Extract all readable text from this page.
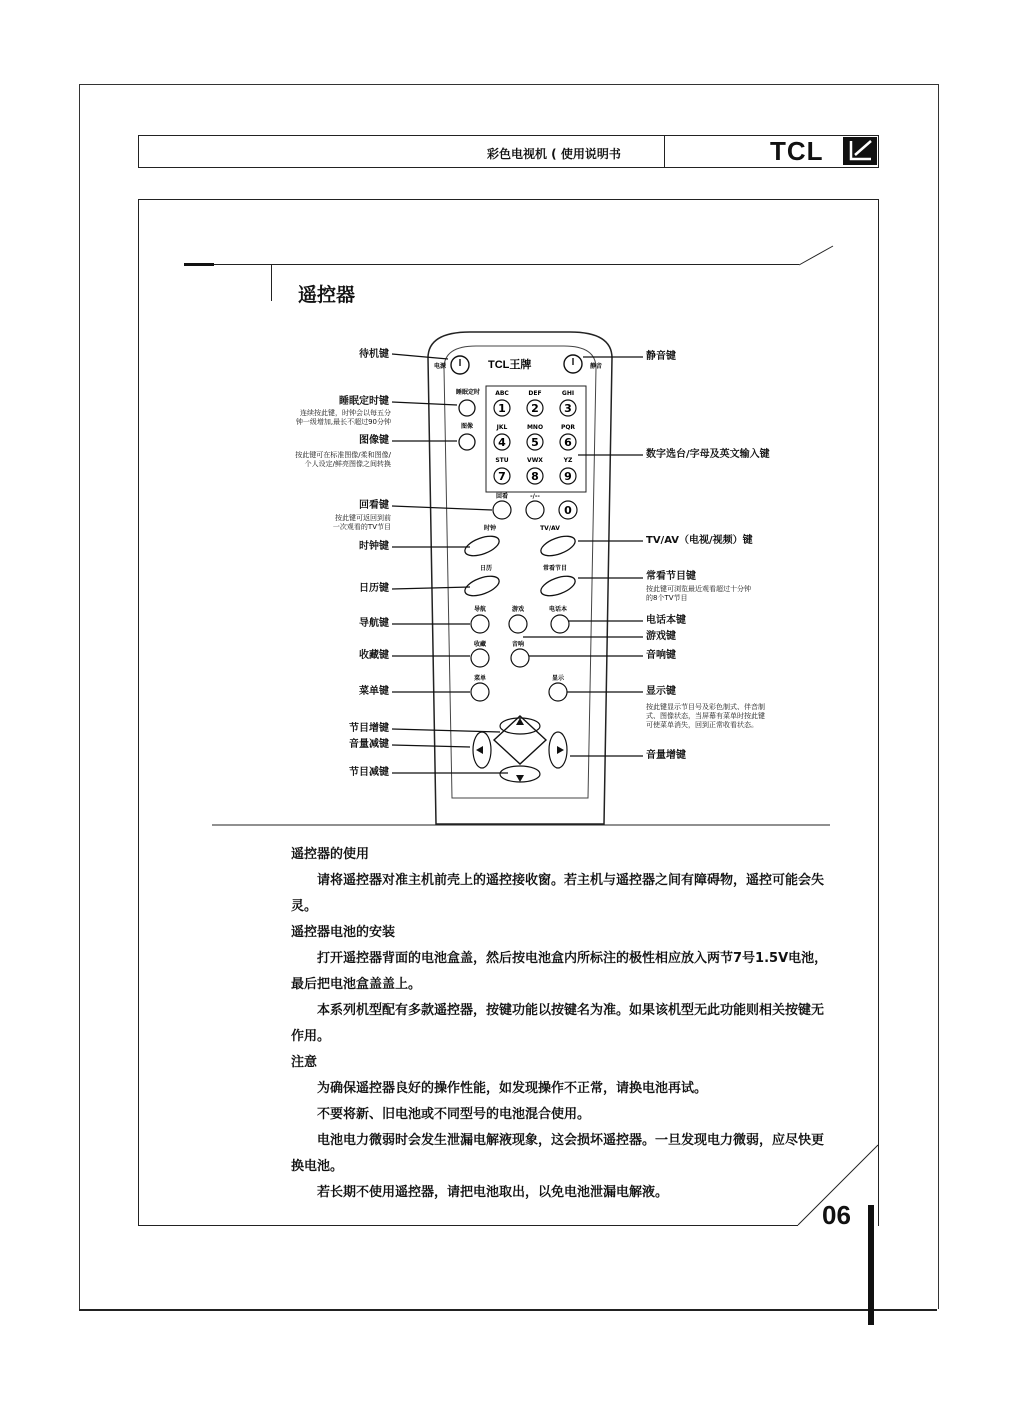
彩色电视机 ( 使用说明书	TCL
06
遥控器
电源	TCL王牌	静音
睡眠定时
图像
ABC	DEF	GHI
1 2 3
JKL	MNO	PQR
4 5 6
STU	VWX	YZ
7 8 9
回看	-/--
0
时钟	TV/AV
日历	常看节目
导航	游戏	电话本
收藏	音响
菜单	显示
待机键
睡眠定时键
连续按此键，时钟会以每五分
钟一级增加,最长不超过90分钟
图像键
按此键可在标准图像/柔和图像/
个人设定/鲜亮图像之间转换
回看键
按此键可返回到前
一次观看的TV节目
时钟键
日历键
导航键
收藏键
菜单键
节目增键
音量减键
节目减键
静音键
数字选台/字母及英文输入键
TV/AV（电视/视频）键
常看节目键
按此键可浏览最近观看超过十分钟
的8个TV节目
电话本键
游戏键
音响键
显示键
按此键显示节目号及彩色制式、伴音制
式、图像状态，当屏幕有菜单时按此键
可使菜单消失，回到正常收看状态。
音量增键

遥控器的使用

请将遥控器对准主机前壳上的遥控接收窗。若主机与遥控器之间有障碍物，遥控可能会失灵。

遥控器电池的安装

打开遥控器背面的电池盒盖，然后按电池盒内所标注的极性相应放入两节7号1.5V电池，最后把电池盒盖盖上。

本系列机型配有多款遥控器，按键功能以按键名为准。如果该机型无此功能则相关按键无作用。

注意

为确保遥控器良好的操作性能，如发现操作不正常，请换电池再试。

不要将新、旧电池或不同型号的电池混合使用。

电池电力微弱时会发生泄漏电解液现象，这会损坏遥控器。一旦发现电力微弱，应尽快更换电池。

若长期不使用遥控器，请把电池取出，以免电池泄漏电解液。
